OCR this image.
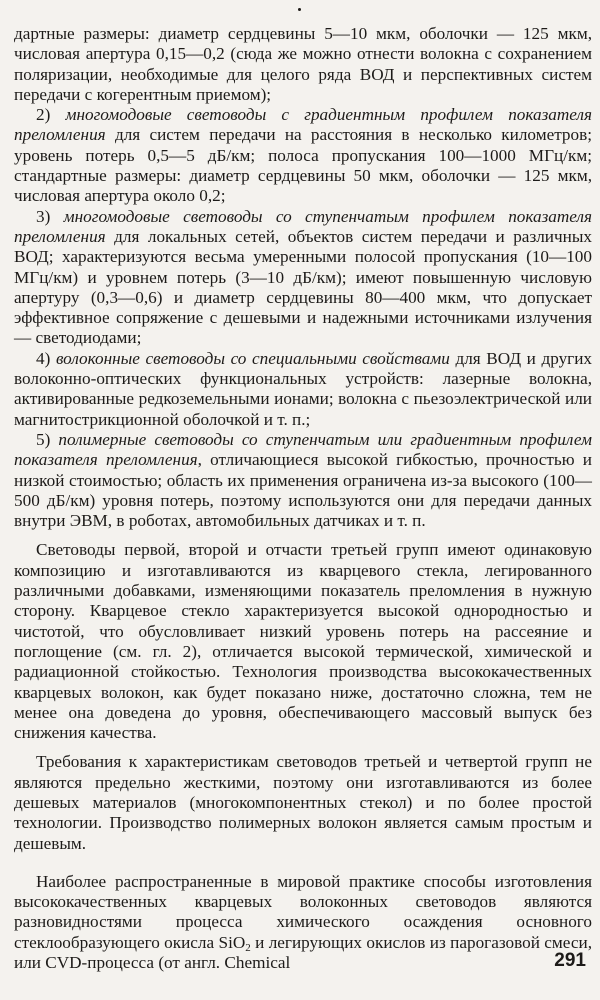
дартные размеры: диаметр сердцевины 5—10 мкм, оболочки — 125 мкм, числовая апертура 0,15—0,2 (сюда же можно отнести волокна с сохранением поляризации, необходимые для целого ряда ВОД и перспективных систем передачи с когерентным приемом);

2) многомодовые световоды с градиентным профилем показателя преломления для систем передачи на расстояния в несколько километров; уровень потерь 0,5—5 дБ/км; полоса пропускания 100—1000 МГц/км; стандартные размеры: диаметр сердцевины 50 мкм, оболочки — 125 мкм, числовая апертура около 0,2;

3) многомодовые световоды со ступенчатым профилем показателя преломления для локальных сетей, объектов систем передачи и различных ВОД; характеризуются весьма умеренными полосой пропускания (10—100 МГц/км) и уровнем потерь (3—10 дБ/км); имеют повышенную числовую апертуру (0,3—0,6) и диаметр сердцевины 80—400 мкм, что допускает эффективное сопряжение с дешевыми и надежными источниками излучения — светодиодами;

4) волоконные световоды со специальными свойствами для ВОД и других волоконно-оптических функциональных устройств: лазерные волокна, активированные редкоземельными ионами; волокна с пьезоэлектрической или магнитострикционной оболочкой и т. п.;

5) полимерные световоды со ступенчатым или градиентным профилем показателя преломления, отличающиеся высокой гибкостью, прочностью и низкой стоимостью; область их применения ограничена из-за высокого (100—500 дБ/км) уровня потерь, поэтому используются они для передачи данных внутри ЭВМ, в роботах, автомобильных датчиках и т. п.

Световоды первой, второй и отчасти третьей групп имеют одинаковую композицию и изготавливаются из кварцевого стекла, легированного различными добавками, изменяющими показатель преломления в нужную сторону. Кварцевое стекло характеризуется высокой однородностью и чистотой, что обусловливает низкий уровень потерь на рассеяние и поглощение (см. гл. 2), отличается высокой термической, химической и радиационной стойкостью. Технология производства высококачественных кварцевых волокон, как будет показано ниже, достаточно сложна, тем не менее она доведена до уровня, обеспечивающего массовый выпуск без снижения качества.

Требования к характеристикам световодов третьей и четвертой групп не являются предельно жесткими, поэтому они изготавливаются из более дешевых материалов (многокомпонентных стекол) и по более простой технологии. Производство полимерных волокон является самым простым и дешевым.

Наиболее распространенные в мировой практике способы изготовления высококачественных кварцевых волоконных световодов являются разновидностями процесса химического осаждения основного стеклообразующего окисла SiO$_2$ и легирующих окислов из парогазовой смеси, или CVD-процесса (от англ. Chemical	291
